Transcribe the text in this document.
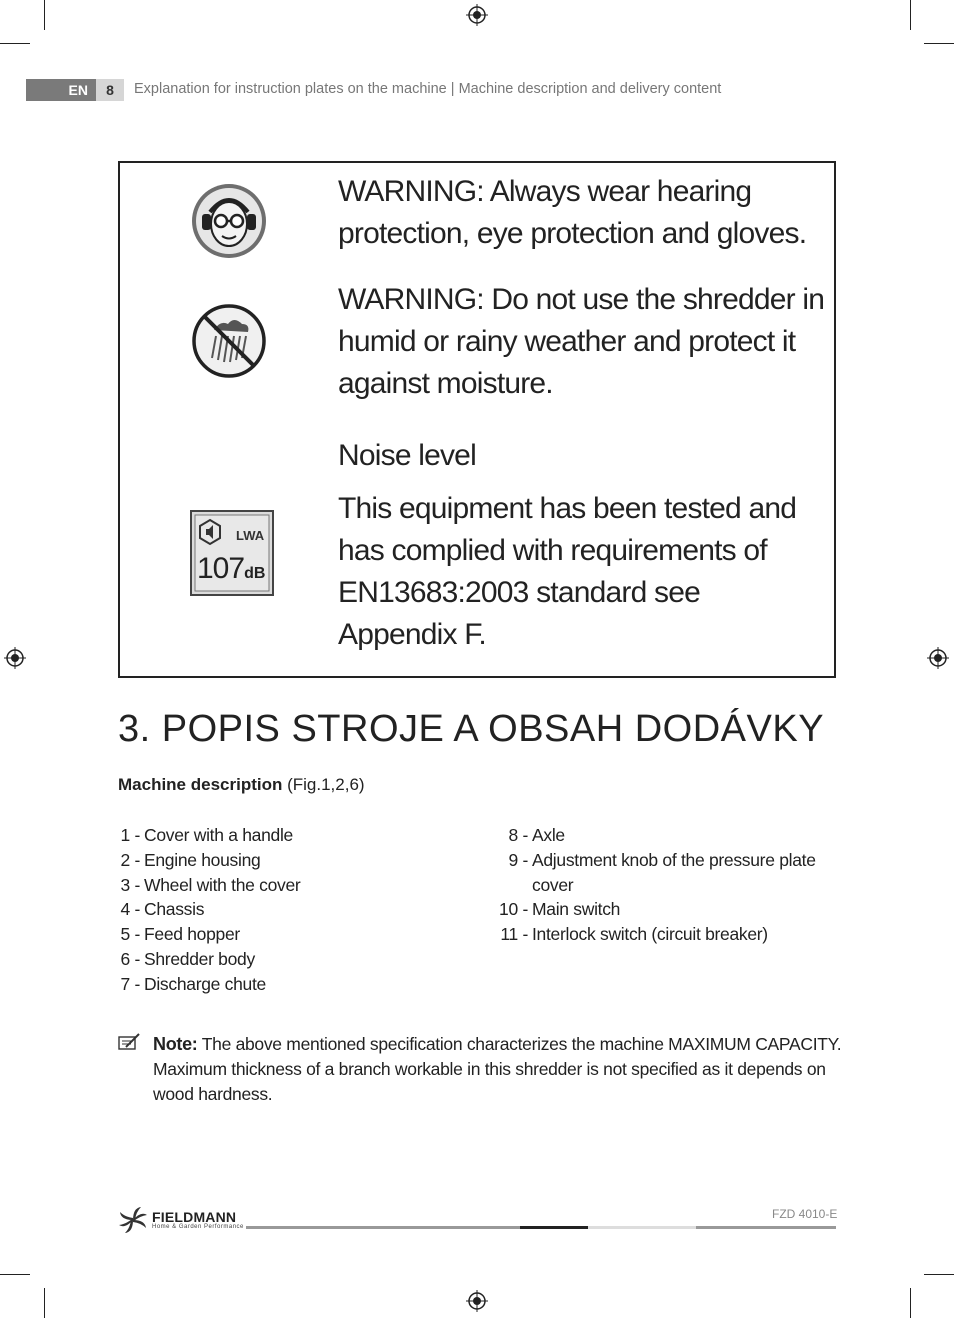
EN	8	Explanation for instruction plates on the machine | Machine description and delivery content
LWA
107dB
WARNING: Always wear hearing
protection, eye protection and gloves.
WARNING: Do not use the shredder in
humid or rainy weather and protect it
against moisture.
Noise level
This equipment has been tested and
has complied with requirements of
EN13683:2003 standard see
Appendix F.
3. POPIS STROJE A OBSAH DODÁVKY
Machine description (Fig.1,2,6)
1 - Cover with a handle
2 - Engine housing
3 - Wheel with the cover
4 - Chassis
5 - Feed hopper
6 - Shredder body
7 - Discharge chute
8 - Axle
9 - Adjustment knob of the pressure plate
cover
10 - Main switch
11 - Interlock switch (circuit breaker)
Note: The above mentioned specification characterizes the machine MAXIMUM CAPACITY. Maximum thickness of a branch workable in this shredder is not specified as it depends on wood hardness.
FIELDMANN
Home & Garden Performance
FZD 4010-E
